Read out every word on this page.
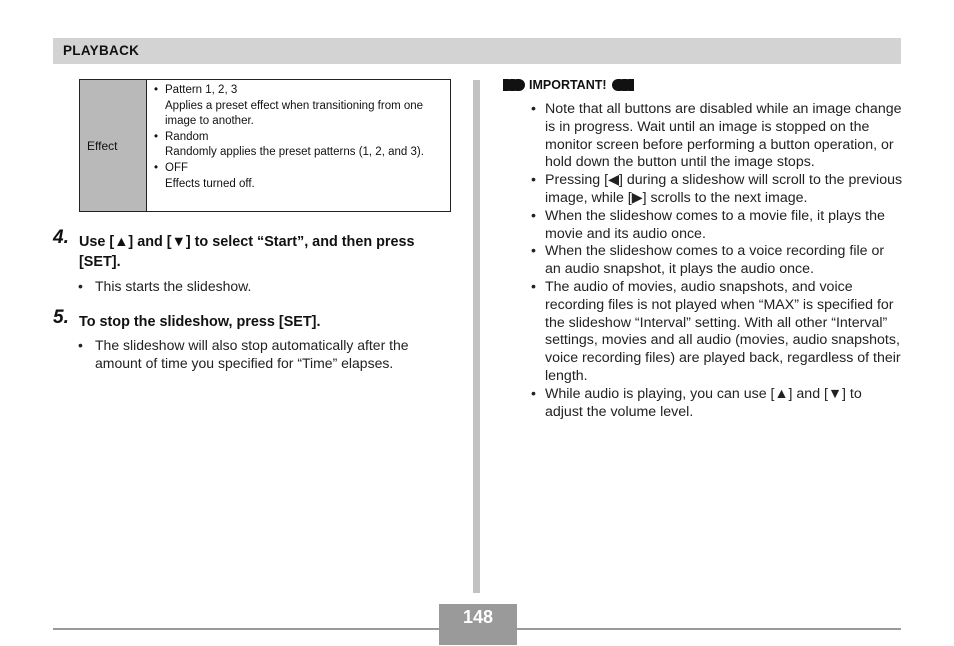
PLAYBACK
Effect
• Pattern 1, 2, 3
Applies a preset effect when transitioning from one image to another.
• Random
Randomly applies the preset patterns (1, 2, and 3).
• OFF
Effects turned off.
4. Use [▲] and [▼] to select “Start”, and then press [SET].
• This starts the slideshow.
5. To stop the slideshow, press [SET].
• The slideshow will also stop automatically after the amount of time you specified for “Time” elapses.
IMPORTANT!
• Note that all buttons are disabled while an image change is in progress. Wait until an image is stopped on the monitor screen before performing a button operation, or hold down the button until the image stops.
• Pressing [◀] during a slideshow will scroll to the previous image, while [▶] scrolls to the next image.
• When the slideshow comes to a movie file, it plays the movie and its audio once.
• When the slideshow comes to a voice recording file or an audio snapshot, it plays the audio once.
• The audio of movies, audio snapshots, and voice recording files is not played when “MAX” is specified for the slideshow “Interval” setting. With all other “Interval” settings, movies and all audio (movies, audio snapshots, voice recording files) are played back, regardless of their length.
• While audio is playing, you can use [▲] and [▼] to adjust the volume level.
148
